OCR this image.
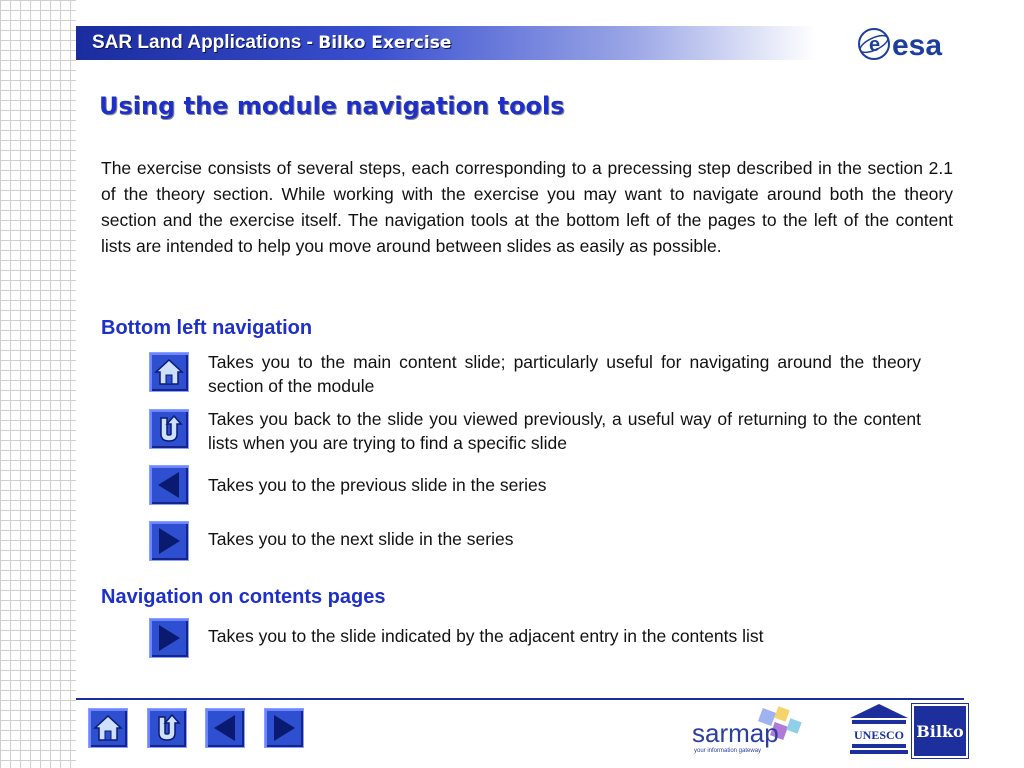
SAR Land Applications - Bilko Exercise	e esa
Using the module navigation tools

The exercise consists of several steps, each corresponding to a precessing step described in the section 2.1 of the theory section. While working with the exercise you may want to navigate around both the theory section and the exercise itself. The navigation tools at the bottom left of the pages to the left of the content lists are intended to help you move around between slides as easily as possible.

Bottom left navigation

Takes you to the main content slide; particularly useful for navigating around the theory section of the module

Takes you back to the slide you viewed previously, a useful way of returning to the content lists when you are trying to find a specific slide

Takes you to the previous slide in the series

Takes you to the next slide in the series

Navigation on contents pages

Takes you to the slide indicated by the adjacent entry in the contents list

sarmap
your information gateway
UNESCO Bilko
